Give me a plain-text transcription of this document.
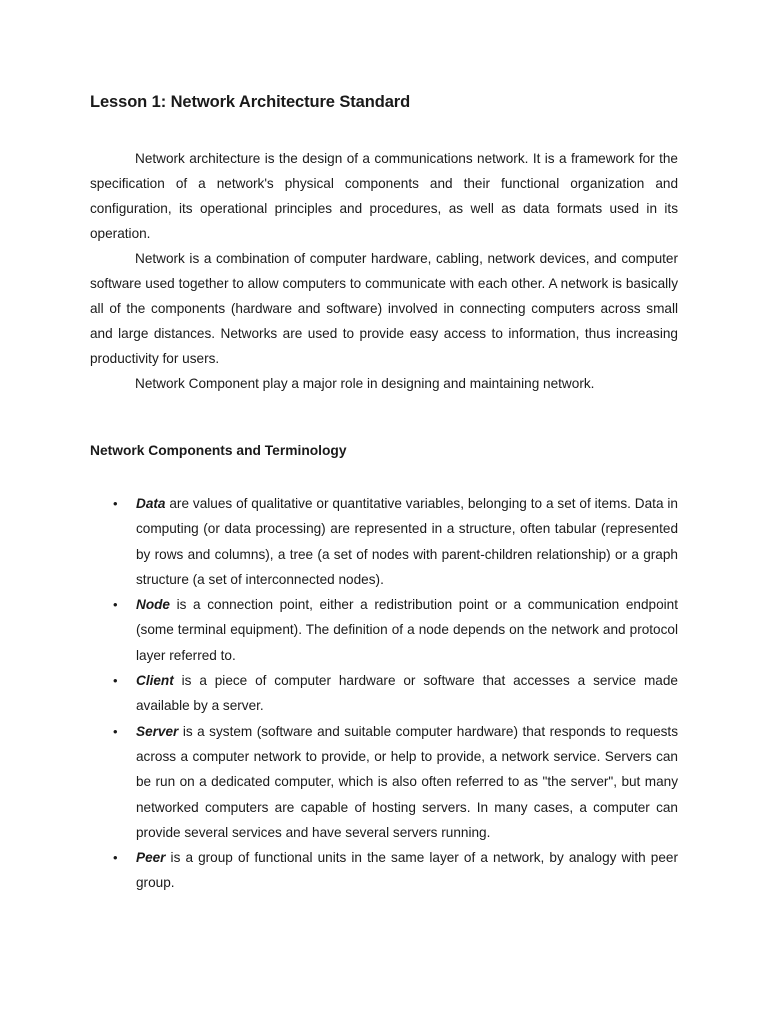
Lesson 1: Network Architecture Standard

Network architecture is the design of a communications network. It is a framework for the specification of a network's physical components and their functional organization and configuration, its operational principles and procedures, as well as data formats used in its operation.

Network is a combination of computer hardware, cabling, network devices, and computer software used together to allow computers to communicate with each other. A network is basically all of the components (hardware and software) involved in connecting computers across small and large distances. Networks are used to provide easy access to information, thus increasing productivity for users.

Network Component play a major role in designing and maintaining network.

Network Components and Terminology
• Data are values of qualitative or quantitative variables, belonging to a set of items. Data in computing (or data processing) are represented in a structure, often tabular (represented by rows and columns), a tree (a set of nodes with parent-children relationship) or a graph structure (a set of interconnected nodes).
• Node is a connection point, either a redistribution point or a communication endpoint (some terminal equipment). The definition of a node depends on the network and protocol layer referred to.
• Client is a piece of computer hardware or software that accesses a service made available by a server.
• Server is a system (software and suitable computer hardware) that responds to requests across a computer network to provide, or help to provide, a network service. Servers can be run on a dedicated computer, which is also often referred to as "the server", but many networked computers are capable of hosting servers. In many cases, a computer can provide several services and have several servers running.
• Peer is a group of functional units in the same layer of a network, by analogy with peer group.
